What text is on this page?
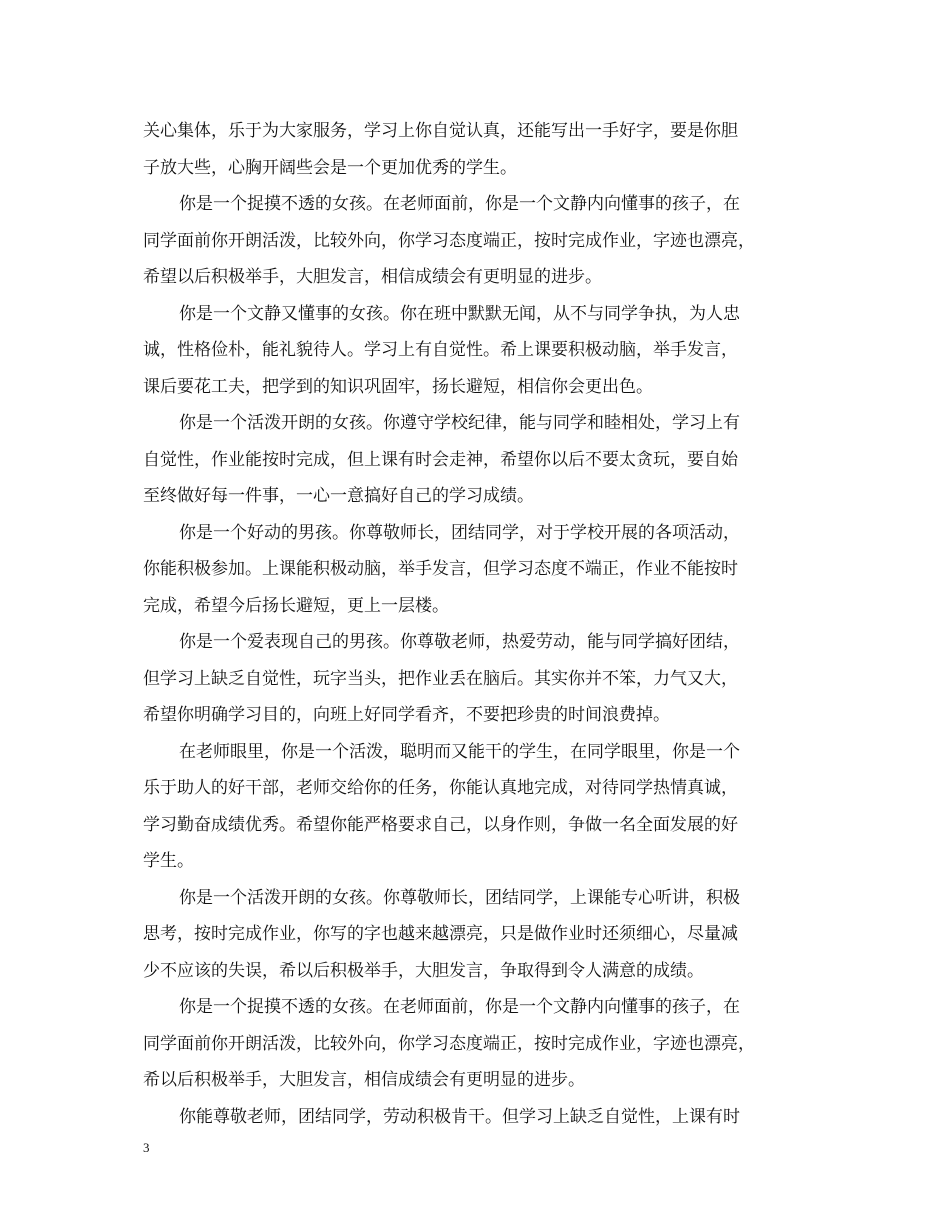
关心集体，乐于为大家服务，学习上你自觉认真，还能写出一手好字，要是你胆
子放大些，心胸开阔些会是一个更加优秀的学生。

你是一个捉摸不透的女孩。在老师面前，你是一个文静内向懂事的孩子，在
同学面前你开朗活泼，比较外向，你学习态度端正，按时完成作业，字迹也漂亮，
希望以后积极举手，大胆发言，相信成绩会有更明显的进步。

你是一个文静又懂事的女孩。你在班中默默无闻，从不与同学争执，为人忠
诚，性格俭朴，能礼貌待人。学习上有自觉性。希上课要积极动脑，举手发言，
课后要花工夫，把学到的知识巩固牢，扬长避短，相信你会更出色。

你是一个活泼开朗的女孩。你遵守学校纪律，能与同学和睦相处，学习上有
自觉性，作业能按时完成，但上课有时会走神，希望你以后不要太贪玩，要自始
至终做好每一件事，一心一意搞好自己的学习成绩。

你是一个好动的男孩。你尊敬师长，团结同学，对于学校开展的各项活动，
你能积极参加。上课能积极动脑，举手发言，但学习态度不端正，作业不能按时
完成，希望今后扬长避短，更上一层楼。

你是一个爱表现自己的男孩。你尊敬老师，热爱劳动，能与同学搞好团结，
但学习上缺乏自觉性，玩字当头，把作业丢在脑后。其实你并不笨，力气又大，
希望你明确学习目的，向班上好同学看齐，不要把珍贵的时间浪费掉。

在老师眼里，你是一个活泼，聪明而又能干的学生，在同学眼里，你是一个
乐于助人的好干部，老师交给你的任务，你能认真地完成，对待同学热情真诚，
学习勤奋成绩优秀。希望你能严格要求自己，以身作则，争做一名全面发展的好
学生。

你是一个活泼开朗的女孩。你尊敬师长，团结同学，上课能专心听讲，积极
思考，按时完成作业，你写的字也越来越漂亮，只是做作业时还须细心，尽量减
少不应该的失误，希以后积极举手，大胆发言，争取得到令人满意的成绩。

你是一个捉摸不透的女孩。在老师面前，你是一个文静内向懂事的孩子，在
同学面前你开朗活泼，比较外向，你学习态度端正，按时完成作业，字迹也漂亮，
希以后积极举手，大胆发言，相信成绩会有更明显的进步。

你能尊敬老师，团结同学，劳动积极肯干。但学习上缺乏自觉性，上课有时

3
